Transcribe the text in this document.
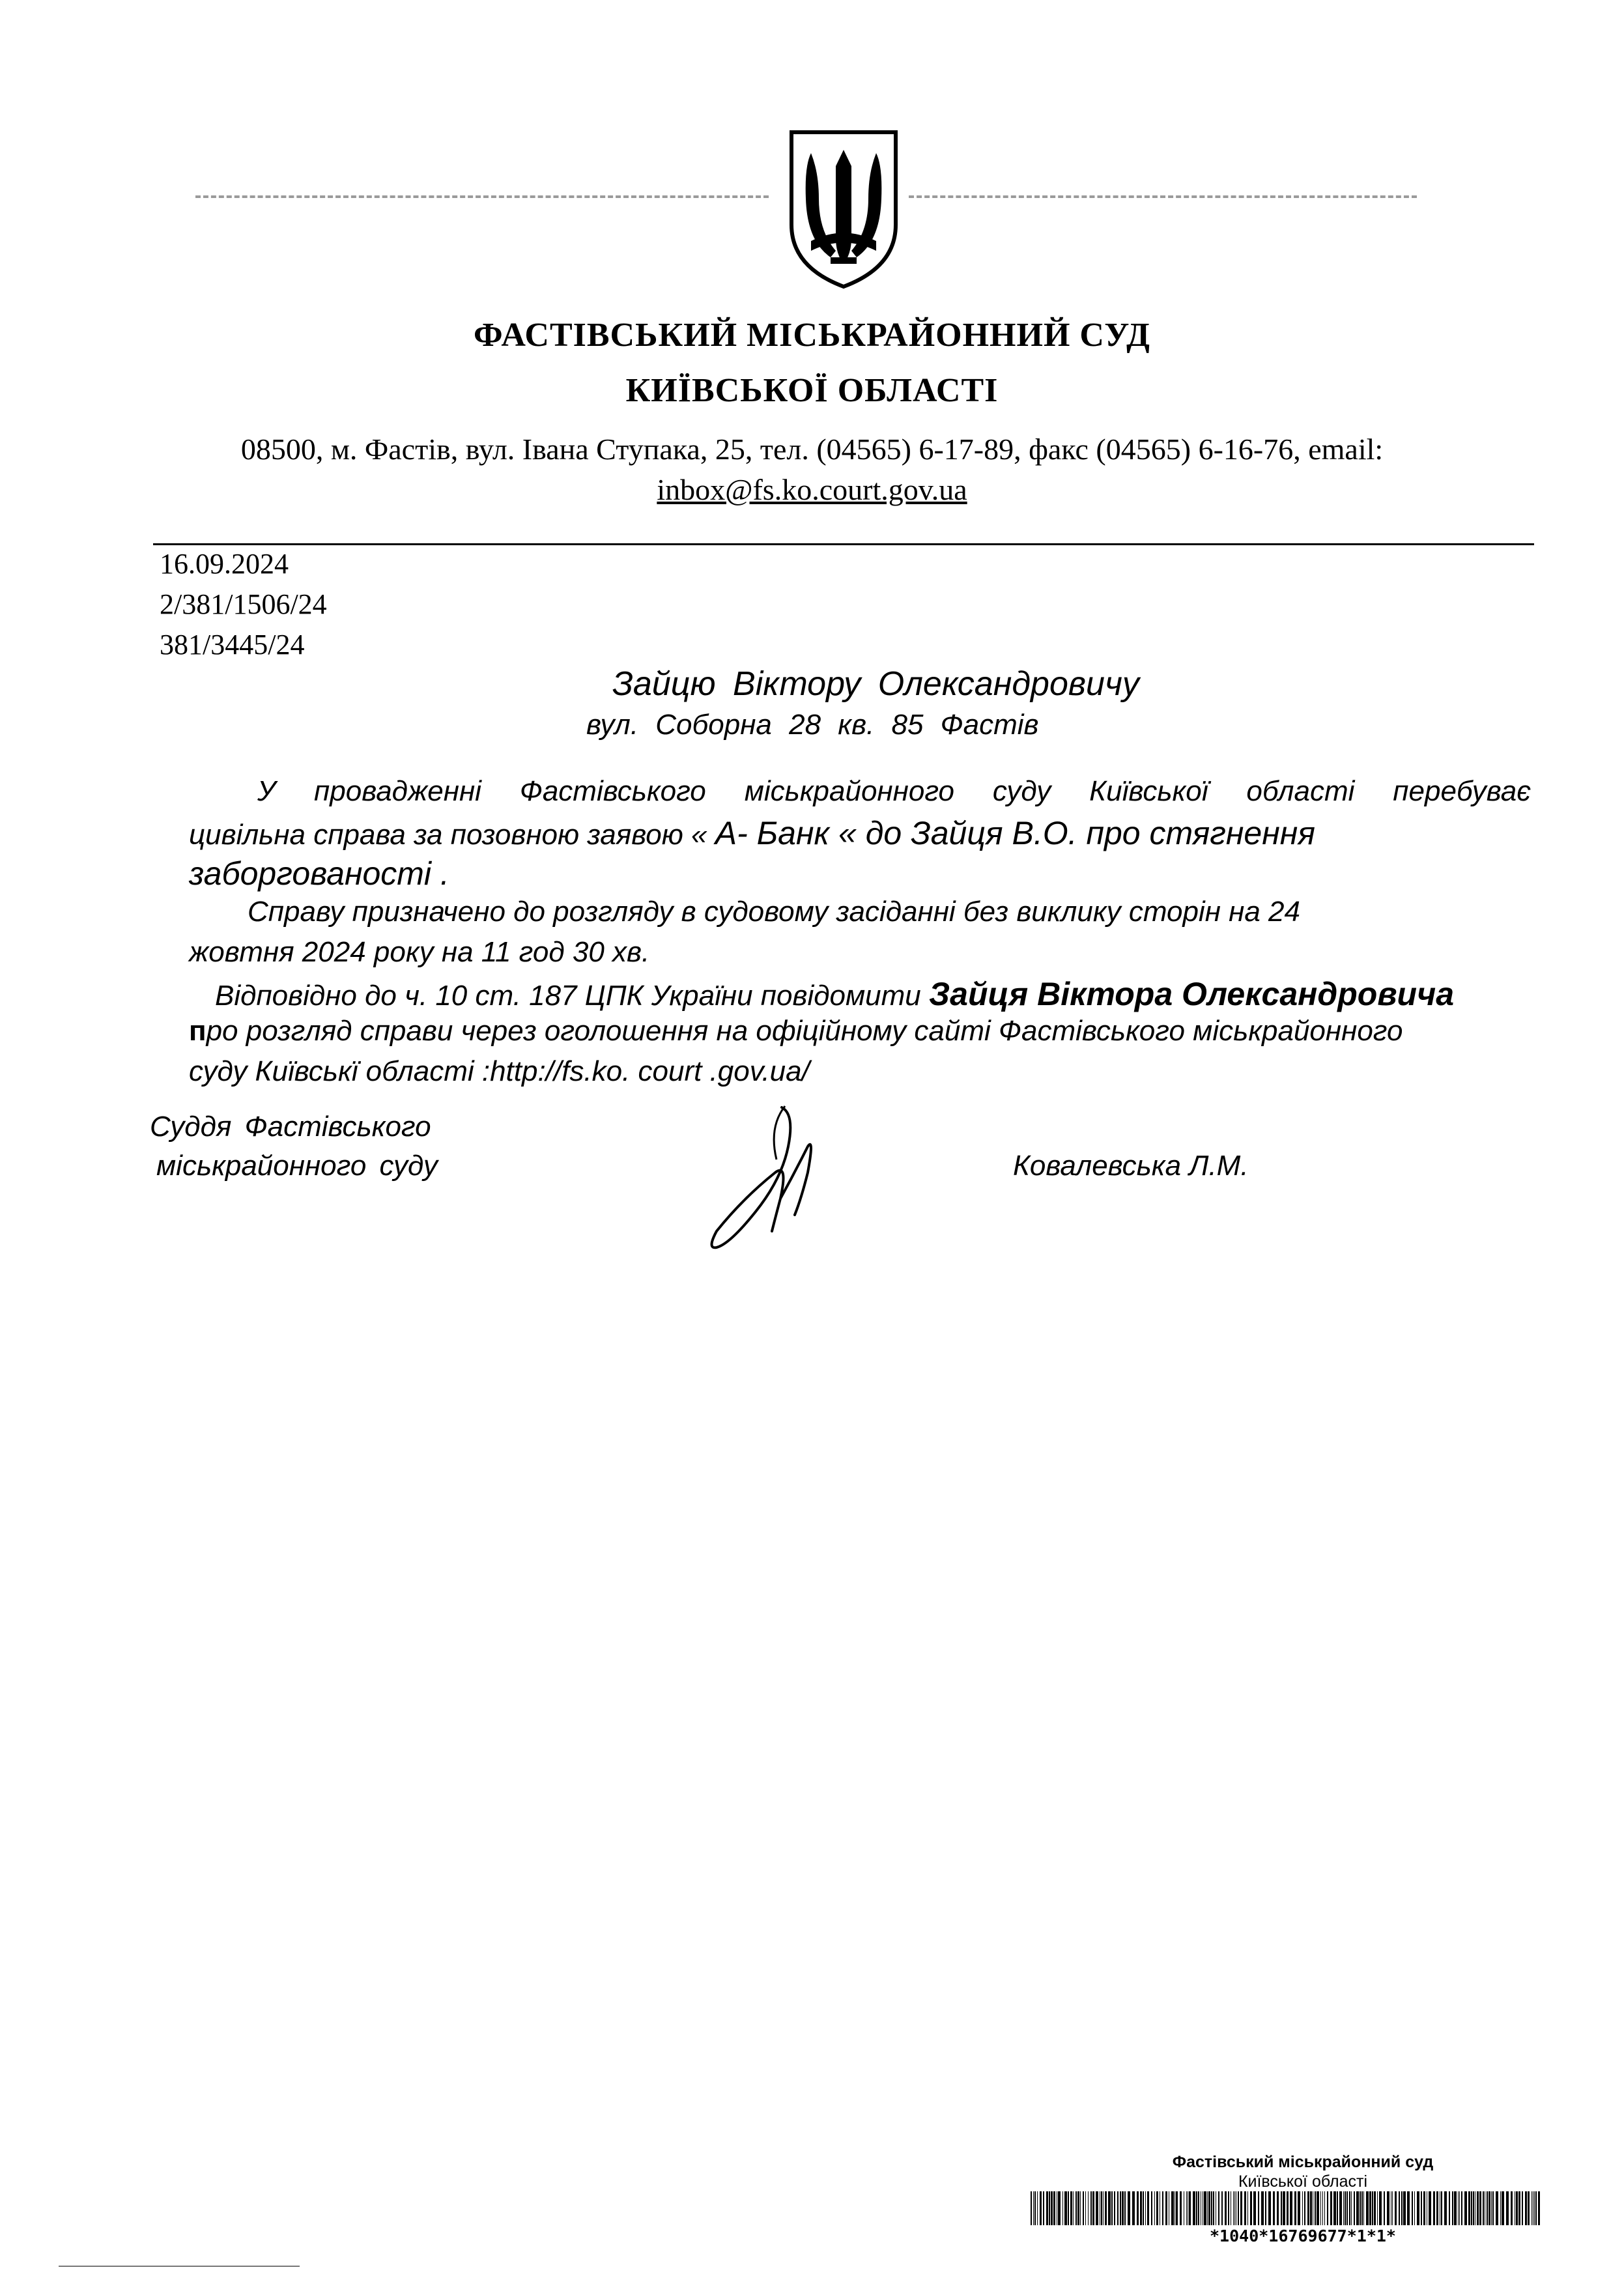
ФАСТІВСЬКИЙ МІСЬКРАЙОННИЙ СУД
КИЇВСЬКОЇ ОБЛАСТІ
08500, м. Фастів, вул. Івана Ступака, 25, тел. (04565) 6-17-89, факс (04565) 6-16-76, email:
inbox@fs.ko.court.gov.ua
16.09.2024
2/381/1506/24
381/3445/24
Зайцю Віктору Олександровичу
вул. Соборна 28 кв. 85 Фастів
У провадженні Фастівського міськрайонного суду Київської області перебуває
цивільна справа за позовною заявою « А- Банк « до Зайця В.О. про стягнення
заборгованості .
Справу призначено до розгляду в судовому засіданні без виклику сторін на 24
жовтня 2024 року на 11 год 30 хв.
Відповідно до ч. 10 ст. 187 ЦПК України повідомити Зайця Віктора Олександровича
про розгляд справи через оголошення на офіційному сайті Фастівського міськрайонного
суду Київськї області :http://fs.ko. court .gov.ua/
Суддя Фастівського
міськрайонного суду	Ковалевська Л.М.
Фастівський міськрайонний суд
Київської області
*1040*16769677*1*1*
